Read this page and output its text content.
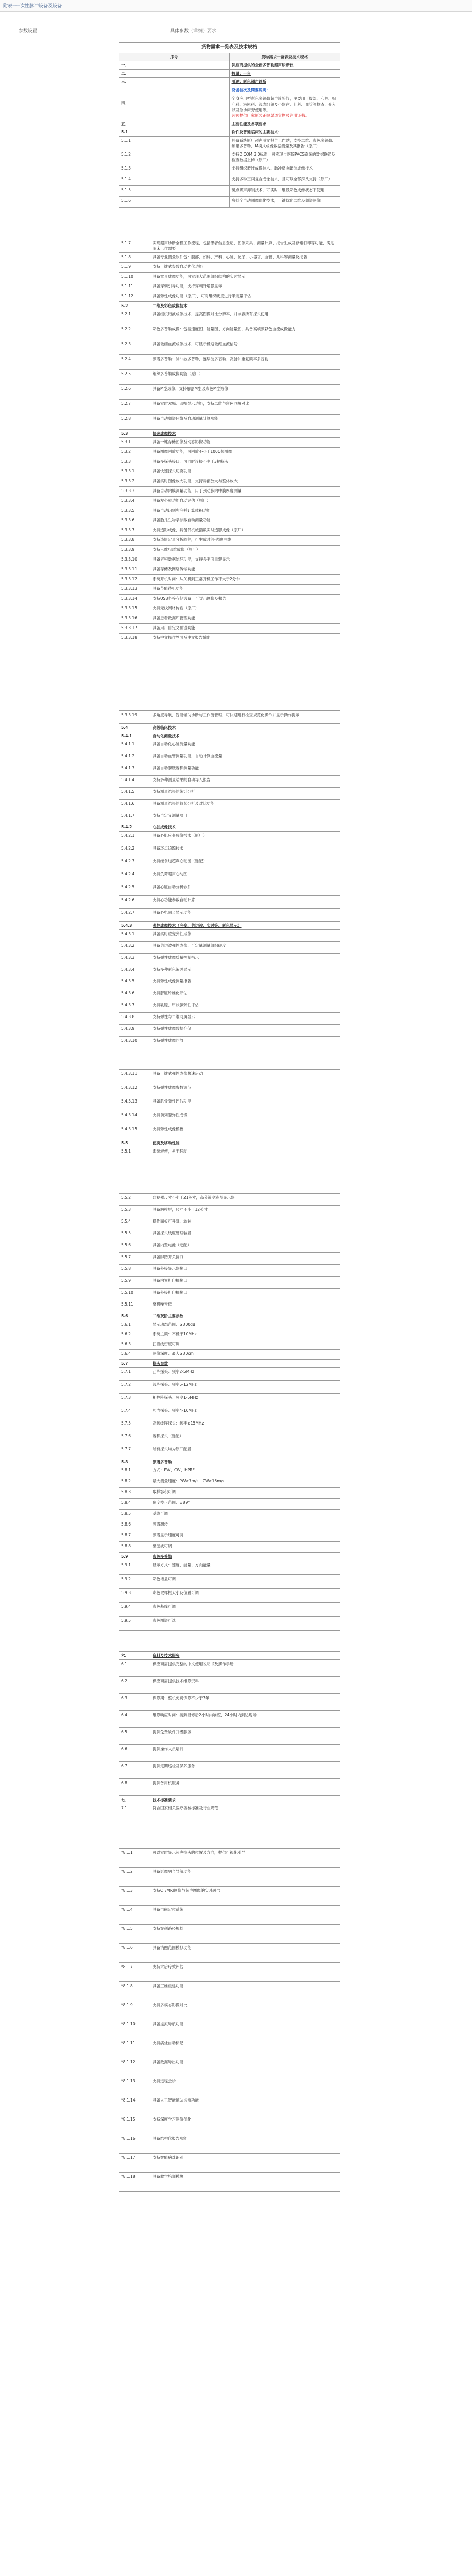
附表一
一次性脉冲设备及设备
参数设置	具体参数（详细）要求
货物需求一览表及技术规格	
序号	货物需求一览表及技术规格
一、	供应商提供的全新多普勒超声诊断仪
二、	数量：一台
三、	用途：彩色超声诊断
四、	设备档次及简要说明：
全身应用型彩色多普勒超声诊断仪，主要用于腹部、心脏、妇产科、泌尿科、浅表组织及小器官、儿科、血管等检查，介入以及急诊床旁使用等。
必须提供厂家原装正规渠道货物及注册证书。

五、	主要性能及各项要求
5.1	软件及普通临床的主要技术：
5.1.1	具备系统原厂超声图文报告工作站，支持二维、彩色多普勒、频谱多普勒、M模式成像数据测量及其报告（原厂）
5.1.2	支持DICOM 3.0标准，可实现与医院PACS系统的数据联通及检查数据上传（原厂）
5.1.3	支持组织谐波成像技术、脉冲反向谐波成像技术
5.1.4	支持多种空间复合成像技术，且可以全部探头支持（原厂）
5.1.5	斑点噪声抑制技术，可实时二维及彩色成像状态下使用
5.1.6	病灶全自动图像优化技术，一键优化二维及频谱图像
5.1.7	实现超声诊断全程工作流程，包括患者信息登记、图像采集、测量计算、报告生成及存储打印等功能，满足临床工作需要
5.1.8	具备专业测量软件包：腹部、妇科、产科、心脏、泌尿、小器官、血管、儿科等测量及报告
5.1.9	支持一键式参数自动优化功能
5.1.10	具备宽景成像功能，可实现大范围组织结构的实时显示
5.1.11	具备穿刺引导功能，支持穿刺针增强显示
5.1.12	具备弹性成像功能（原厂），可对组织硬度进行半定量评估
5.2	二维及彩色成像技术
5.2.1	具备组织谐波成像技术，提高图像对比分辨率，并兼容所有探头使用
5.2.2	彩色多普勒成像：包括速度图、能量图、方向能量图，具备高帧频彩色血流成像能力
5.2.3	具备微细血流成像技术，可显示低速微细血流信号
5.2.4	频谱多普勒：脉冲波多普勒、连续波多普勒、高脉冲重复频率多普勒
5.2.5	组织多普勒成像功能（原厂）
5.2.6	具备M型成像，支持解剖M型及彩色M型成像
5.2.7	具备实时双幅、四幅显示功能，支持二维与彩色同屏对比
5.2.8	具备自动频谱包络及自动测量计算功能
5.3	快速成像技术
5.3.1	具备一键存储图像及动态影像功能
5.3.2	具备图像回放功能，可回放不少于1000帧图像
5.3.3	具备多探头接口，可同时连接不少于3把探头
5.3.3.1	具备快速探头切换功能
5.3.3.2	具备实时图像放大功能，支持局部放大与整体放大
5.3.3.3	具备自动内膜测量功能，用于颈动脉内中膜厚度测量
5.3.3.4	具备左心室功能自动评估（原厂）
5.3.3.5	具备自动识别卵泡并计算体积功能
5.3.3.6	具备胎儿生物学参数自动测量功能
5.3.3.7	支持造影成像，具备低机械指数实时造影成像（原厂）
5.3.3.8	支持造影定量分析软件，可生成时间-强度曲线
5.3.3.9	支持三维/四维成像（原厂）
5.3.3.10	具备容积数据处理功能，支持多平面重建显示
5.3.3.11	具备存储及网络传输功能
5.3.3.12	系统开机时间：从关机到正常开机工作不大于2分钟
5.3.3.13	具备节能待机功能
5.3.3.14	支持USB外接存储设备，可导出图像及报告
5.3.3.15	支持无线网络传输（原厂）
5.3.3.16	具备患者数据库管理功能
5.3.3.17	具备用户自定义预设功能
5.3.3.18	支持中文操作界面及中文报告输出
5.3.3.19	多角度导航，智能辅助诊断与工作流管理，可快速进行检查规范化操作并显示操作提示
5.4	高级临床技术
5.4.1	自动化测量技术
5.4.1.1	具备自动化心脏测量功能
5.4.1.2	具备自动血管测量功能，自动计算血流量
5.4.1.3	具备自动膀胱容积测量功能
5.4.1.4	支持多种测量结果的自动导入报告
5.4.1.5	支持测量结果的统计分析
5.4.1.6	具备测量结果的趋势分析及对比功能
5.4.1.7	支持自定义测量项目
5.4.2	心脏成像技术
5.4.2.1	具备心肌应变成像技术（原厂）
5.4.2.2	具备斑点追踪技术
5.4.2.3	支持经食道超声心动图（选配）
5.4.2.4	支持负荷超声心动图
5.4.2.5	具备心脏自动分析软件
5.4.2.6	支持心功能参数自动计算
5.4.2.7	具备心电同步显示功能
5.4.3	弹性成像技术（应变、剪切波、实时等，彩色显示）
5.4.3.1	具备实时应变弹性成像
5.4.3.2	具备剪切波弹性成像，可定量测量组织硬度
5.4.3.3	支持弹性成像质量控制指示
5.4.3.4	支持多种彩色编码显示
5.4.3.5	支持弹性成像测量报告
5.4.3.6	支持肝脏纤维化评估
5.4.3.7	支持乳腺、甲状腺弹性评估
5.4.3.8	支持弹性与二维同屏显示
5.4.3.9	支持弹性成像数据存储
5.4.3.10	支持弹性成像回放
5.4.3.11	具备一键式弹性成像快速启动
5.4.3.12	支持弹性成像参数调节
5.4.3.13	具备肌骨弹性评估功能
5.4.3.14	支持前列腺弹性成像
5.4.3.15	支持弹性成像模板
5.5	便携及移动性能
5.5.1	系统轻便，易于移动
5.5.2	监视器尺寸不小于21英寸，高分辨率液晶显示器
5.5.3	具备触摸屏，尺寸不小于12英寸
5.5.4	操作面板可升降、旋转
5.5.5	具备探头线缆管理装置
5.5.6	具备内置电池（选配）
5.5.7	具备脚踏开关接口
5.5.8	具备外接显示器接口
5.5.9	具备内置打印机接口
5.5.10	具备外接打印机接口
5.5.11	整机噪音低
5.6	二维灰阶主要参数
5.6.1	显示动态范围：≥300dB
5.6.2	系统主频：不低于10MHz
5.6.3	扫描线密度可调
5.6.4	图像深度：最大≥30cm
5.7	探头参数
5.7.1	凸阵探头：频率2-5MHz
5.7.2	线阵探头：频率5-12MHz
5.7.3	相控阵探头：频率1-5MHz
5.7.4	腔内探头：频率4-10MHz
5.7.5	高频线阵探头：频率≥15MHz
5.7.6	容积探头（选配）
5.7.7	所有探头均为原厂配置
5.8	频谱多普勒
5.8.1	方式：PW、CW、HPRF
5.8.2	最大测量速度：PW≥7m/s，CW≥15m/s
5.8.3	取样容积可调
5.8.4	角度校正范围：±89°
5.8.5	基线可调
5.8.6	频谱翻转
5.8.7	频谱显示速度可调
5.8.8	壁滤波可调
5.9	彩色多普勒
5.9.1	显示方式：速度、能量、方向能量
5.9.2	彩色增益可调
5.9.3	彩色取样框大小及位置可调
5.9.4	彩色基线可调
5.9.5	彩色图谱可选
六、	资料及技术服务
6.1	供应商需提供完整的中文使用说明书及操作手册
6.2	供应商需提供技术维修资料
6.3	保修期：整机免费保修不少于3年
6.4	维修响应时间：接到报修后2小时内响应，24小时内到达现场
6.5	提供免费软件升级服务
6.6	提供操作人员培训
6.7	提供定期巡检及保养服务
6.8	提供备用机服务
七、	技术标准要求
7.1	符合国家相关医疗器械标准及行业规范
*8.1.1	可以实时显示超声探头的位置及方向，提供可视化引导
*8.1.2	具备影像融合导航功能
*8.1.3	支持CT/MRI图像与超声图像的实时融合
*8.1.4	具备电磁定位系统
*8.1.5	支持穿刺路径规划
*8.1.6	具备消融范围模拟功能
*8.1.7	支持术后疗效评估
*8.1.8	具备三维重建功能
*8.1.9	支持多模态影像对比
*8.1.10	具备虚拟导航功能
*8.1.11	支持病灶自动标记
*8.1.12	具备数据导出功能
*8.1.13	支持远程会诊
*8.1.14	具备人工智能辅助诊断功能
*8.1.15	支持深度学习图像优化
*8.1.16	具备结构化报告功能
*8.1.17	支持智能病灶识别
*8.1.18	具备教学培训模块
